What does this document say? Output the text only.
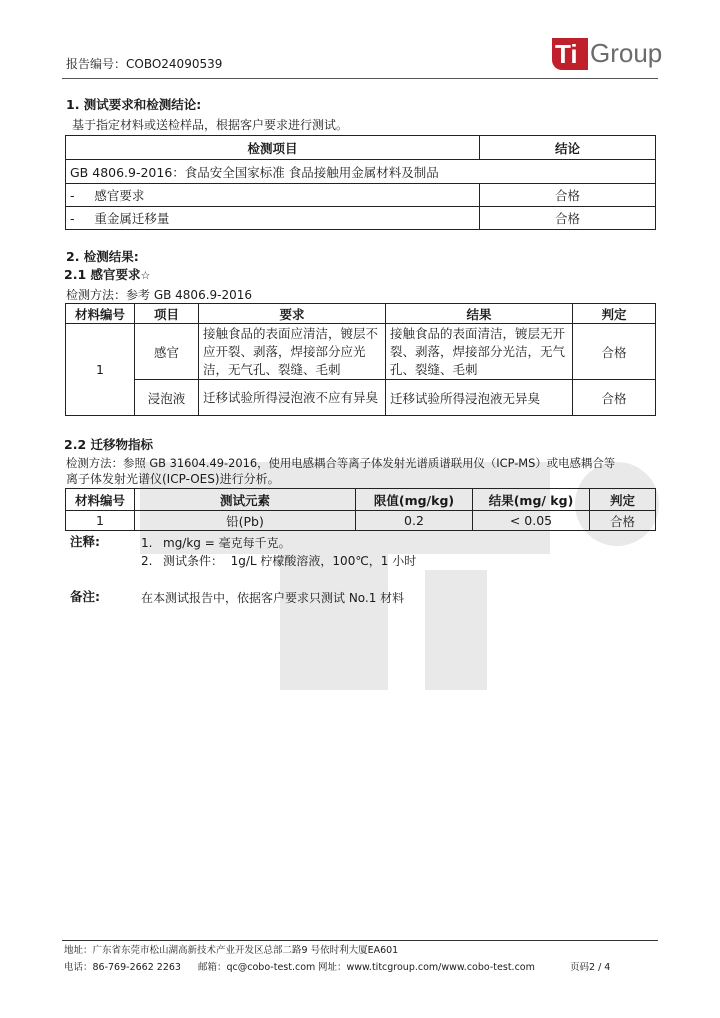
报告编号：COBO24090539	Ti Group
1. 测试要求和检测结论:
基于指定材料或送检样品，根据客户要求进行测试。
检测项目	结论
GB 4806.9-2016：食品安全国家标准 食品接触用金属材料及制品	
-     感官要求	合格
-     重金属迁移量	合格
2. 检测结果:
2.1 感官要求☆
检测方法：参考 GB 4806.9-2016
材料编号	项目	要求	结果	判定
1	感官	接触食品的表面应清洁，镀层不应开裂、剥落，焊接部分应光洁，无气孔、裂缝、毛刺	接触食品的表面清洁，镀层无开裂、剥落，焊接部分光洁，无气孔、裂缝、毛刺	合格
	浸泡液	迁移试验所得浸泡液不应有异臭	迁移试验所得浸泡液无异臭	合格
2.2 迁移物指标
检测方法：参照 GB 31604.49-2016，使用电感耦合等离子体发射光谱质谱联用仪（ICP-MS）或电感耦合等
离子体发射光谱仪(ICP-OES)进行分析。
材料编号	测试元素	限值(mg/kg)	结果(mg/ kg)	判定
1	铅(Pb)	0.2	< 0.05	合格
注释:	1. mg/kg = 毫克每千克。
2. 测试条件：  1g/L 柠檬酸溶液，100℃，1 小时
备注:	在本测试报告中，依据客户要求只测试 No.1 材料
地址：广东省东莞市松山湖高新技术产业开发区总部二路9 号依时利大厦EA601
电话：86-769-2662 2263 邮箱：qc@cobo-test.com 网址：www.titcgroup.com/www.cobo-test.com	页码2 / 4
